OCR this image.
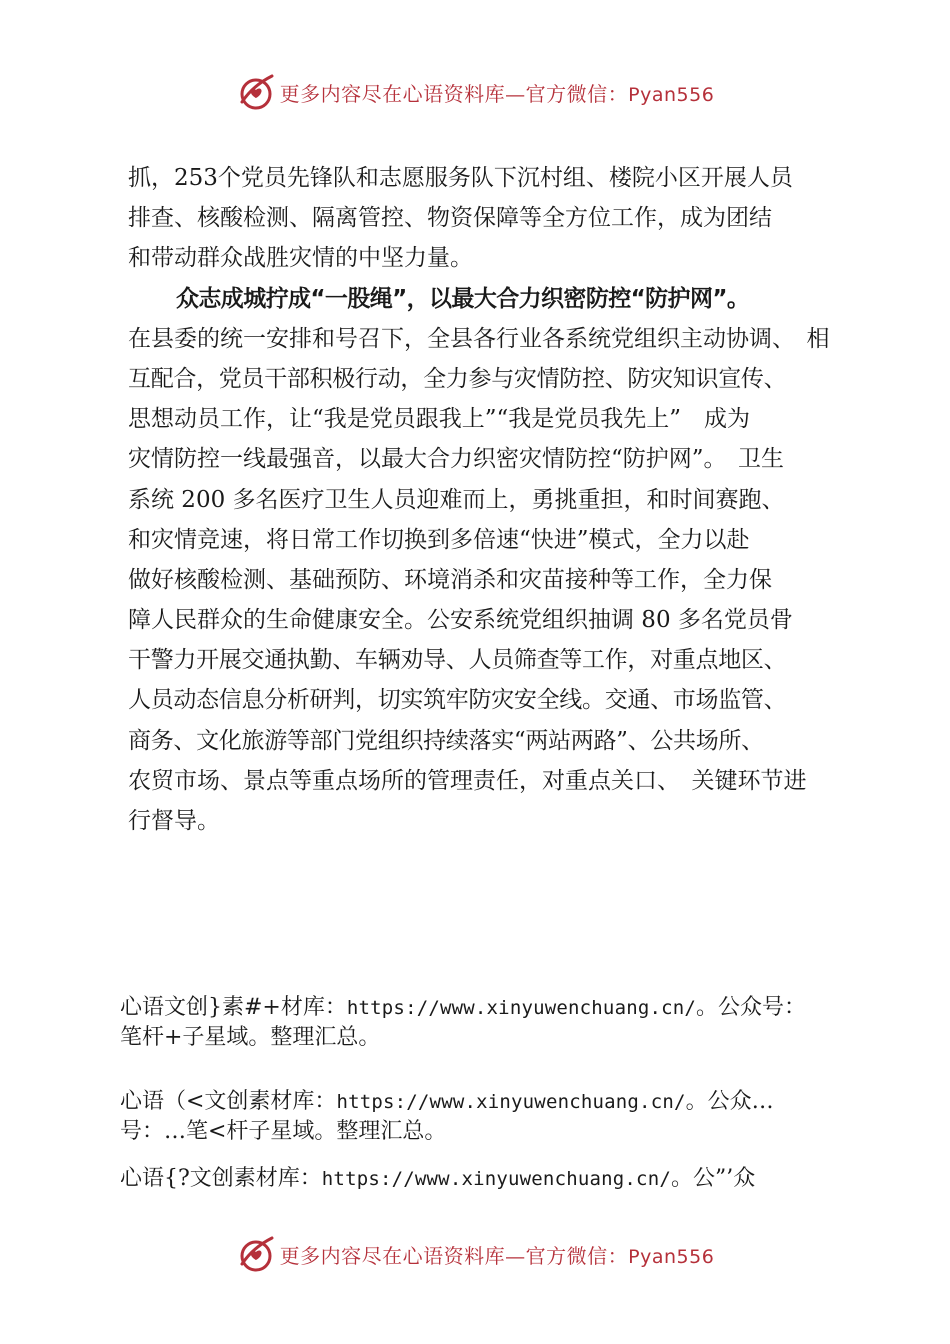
更多内容尽在心语资料库—官方微信：Pyan556
抓，253个党员先锋队和志愿服务队下沉村组、楼院小区开展人员
排查、核酸检测、隔离管控、物资保障等全方位工作，成为团结
和带动群众战胜灾情的中坚力量。
众志成城拧成“一股绳”，以最大合力织密防控“防护网”。
在县委的统一安排和号召下，全县各行业各系统党组织主动协调、　相
互配合，党员干部积极行动，全力参与灾情防控、防灾知识宣传、
思想动员工作，让“我是党员跟我上”“我是党员我先上”　成为
灾情防控一线最强音，以最大合力织密灾情防控“防护网”。　卫生
系统 200 多名医疗卫生人员迎难而上，勇挑重担，和时间赛跑、
和灾情竞速，将日常工作切换到多倍速“快进”模式，全力以赴
做好核酸检测、基础预防、环境消杀和灾苗接种等工作，全力保
障人民群众的生命健康安全。公安系统党组织抽调 80 多名党员骨
干警力开展交通执勤、车辆劝导、人员筛查等工作，对重点地区、
人员动态信息分析研判，切实筑牢防灾安全线。交通、市场监管、
商务、文化旅游等部门党组织持续落实“两站两路”、公共场所、
农贸市场、景点等重点场所的管理责任，对重点关口、　关键环节进
行督导。
心语文创}素#+材库：https://www.xinyuwenchuang.cn/。公众号：
笔杆+子星域。整理汇总。
心语（<文创素材库：https://www.xinyuwenchuang.cn/。公众…
号：…笔<杆子星域。整理汇总。
心语{?文创素材库：https://www.xinyuwenchuang.cn/。公”’众
更多内容尽在心语资料库—官方微信：Pyan556
